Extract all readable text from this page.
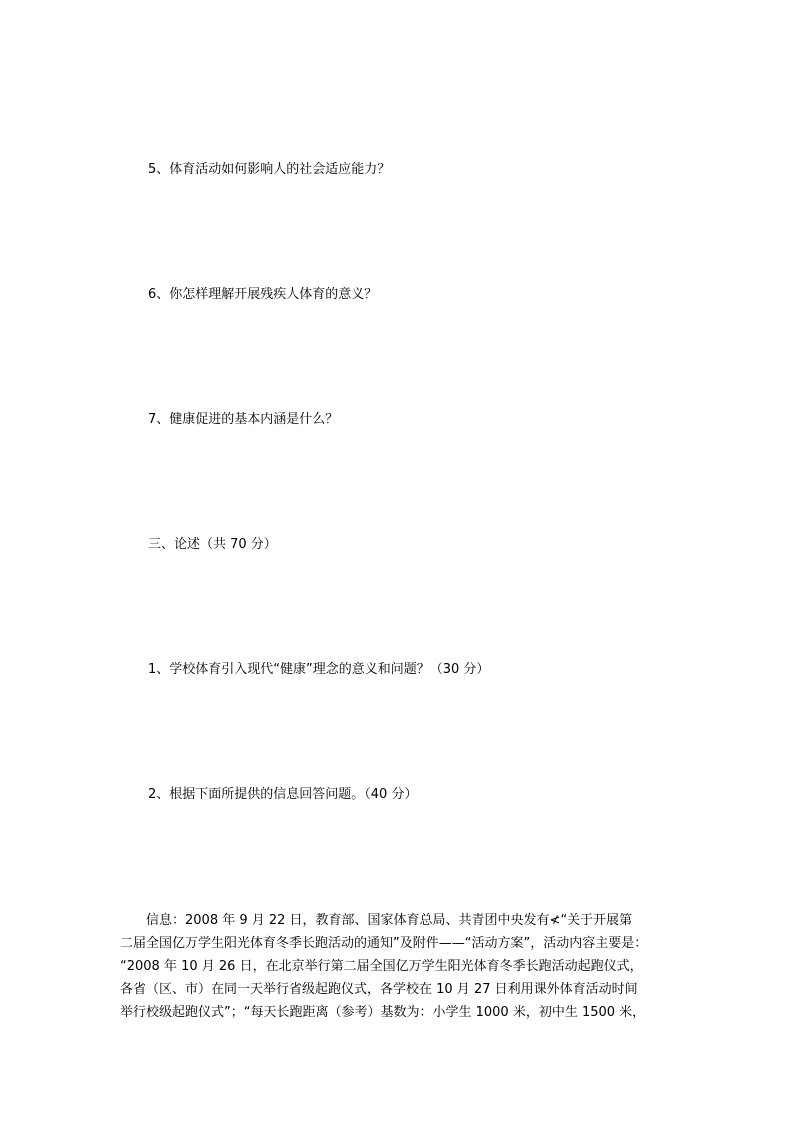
5、体育活动如何影响人的社会适应能力？
6、你怎样理解开展残疾人体育的意义？
7、健康促进的基本内涵是什么？
三、论述（共 70 分）
1、学校体育引入现代“健康”理念的意义和问题？（30 分）
2、根据下面所提供的信息回答问题。（40 分）
信息：2008 年 9 月 22 日，教育部、国家体育总局、共青团中央发有≮“关于开展第
二届全国亿万学生阳光体育冬季长跑活动的通知”及附件——“活动方案”，活动内容主要是：
“2008 年 10 月 26 日，在北京举行第二届全国亿万学生阳光体育冬季长跑活动起跑仪式，
各省（区、市）在同一天举行省级起跑仪式，各学校在 10 月 27 日利用课外体育活动时间
举行校级起跑仪式”；“每天长跑距离（参考）基数为：小学生 1000 米，初中生 1500 米，
